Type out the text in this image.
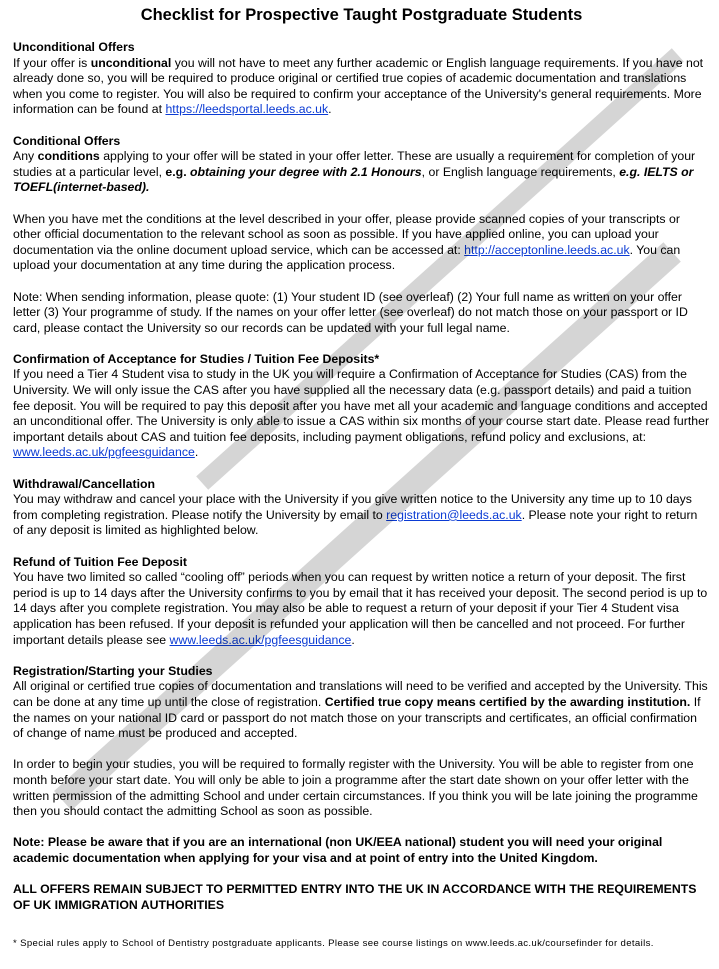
Checklist for Prospective Taught Postgraduate Students
Unconditional Offers

If your offer is unconditional you will not have to meet any further academic or English language requirements. If you have not already done so, you will be required to produce original or certified true copies of academic documentation and translations when you come to register. You will also be required to confirm your acceptance of the University's general requirements. More information can be found at https://leedsportal.leeds.ac.uk.

Conditional Offers

Any conditions applying to your offer will be stated in your offer letter. These are usually a requirement for completion of your studies at a particular level, e.g. obtaining your degree with 2.1 Honours, or English language requirements, e.g. IELTS or TOEFL(internet-based).

When you have met the conditions at the level described in your offer, please provide scanned copies of your transcripts or other official documentation to the relevant school as soon as possible. If you have applied online, you can upload your documentation via the online document upload service, which can be accessed at: http://acceptonline.leeds.ac.uk. You can upload your documentation at any time during the application process.

Note: When sending information, please quote: (1) Your student ID (see overleaf) (2) Your full name as written on your offer letter (3) Your programme of study. If the names on your offer letter (see overleaf) do not match those on your passport or ID card, please contact the University so our records can be updated with your full legal name.

Confirmation of Acceptance for Studies / Tuition Fee Deposits*

If you need a Tier 4 Student visa to study in the UK you will require a Confirmation of Acceptance for Studies (CAS) from the University. We will only issue the CAS after you have supplied all the necessary data (e.g. passport details) and paid a tuition fee deposit. You will be required to pay this deposit after you have met all your academic and language conditions and accepted an unconditional offer. The University is only able to issue a CAS within six months of your course start date. Please read further important details about CAS and tuition fee deposits, including payment obligations, refund policy and exclusions, at: www.leeds.ac.uk/pgfeesguidance.

Withdrawal/Cancellation

You may withdraw and cancel your place with the University if you give written notice to the University any time up to 10 days from completing registration. Please notify the University by email to registration@leeds.ac.uk. Please note your right to return of any deposit is limited as highlighted below.

Refund of Tuition Fee Deposit

You have two limited so called “cooling off” periods when you can request by written notice a return of your deposit. The first period is up to 14 days after the University confirms to you by email that it has received your deposit. The second period is up to 14 days after you complete registration. You may also be able to request a return of your deposit if your Tier 4 Student visa application has been refused. If your deposit is refunded your application will then be cancelled and not proceed. For further important details please see www.leeds.ac.uk/pgfeesguidance.

Registration/Starting your Studies

All original or certified true copies of documentation and translations will need to be verified and accepted by the University. This can be done at any time up until the close of registration. Certified true copy means certified by the awarding institution. If the names on your national ID card or passport do not match those on your transcripts and certificates, an official confirmation of change of name must be produced and accepted.

In order to begin your studies, you will be required to formally register with the University. You will be able to register from one month before your start date. You will only be able to join a programme after the start date shown on your offer letter with the written permission of the admitting School and under certain circumstances. If you think you will be late joining the programme then you should contact the admitting School as soon as possible.

Note: Please be aware that if you are an international (non UK/EEA national) student you will need your original academic documentation when applying for your visa and at point of entry into the United Kingdom.

ALL OFFERS REMAIN SUBJECT TO PERMITTED ENTRY INTO THE UK IN ACCORDANCE WITH THE REQUIREMENTS OF UK IMMIGRATION AUTHORITIES

* Special rules apply to School of Dentistry postgraduate applicants. Please see course listings on www.leeds.ac.uk/coursefinder for details.
